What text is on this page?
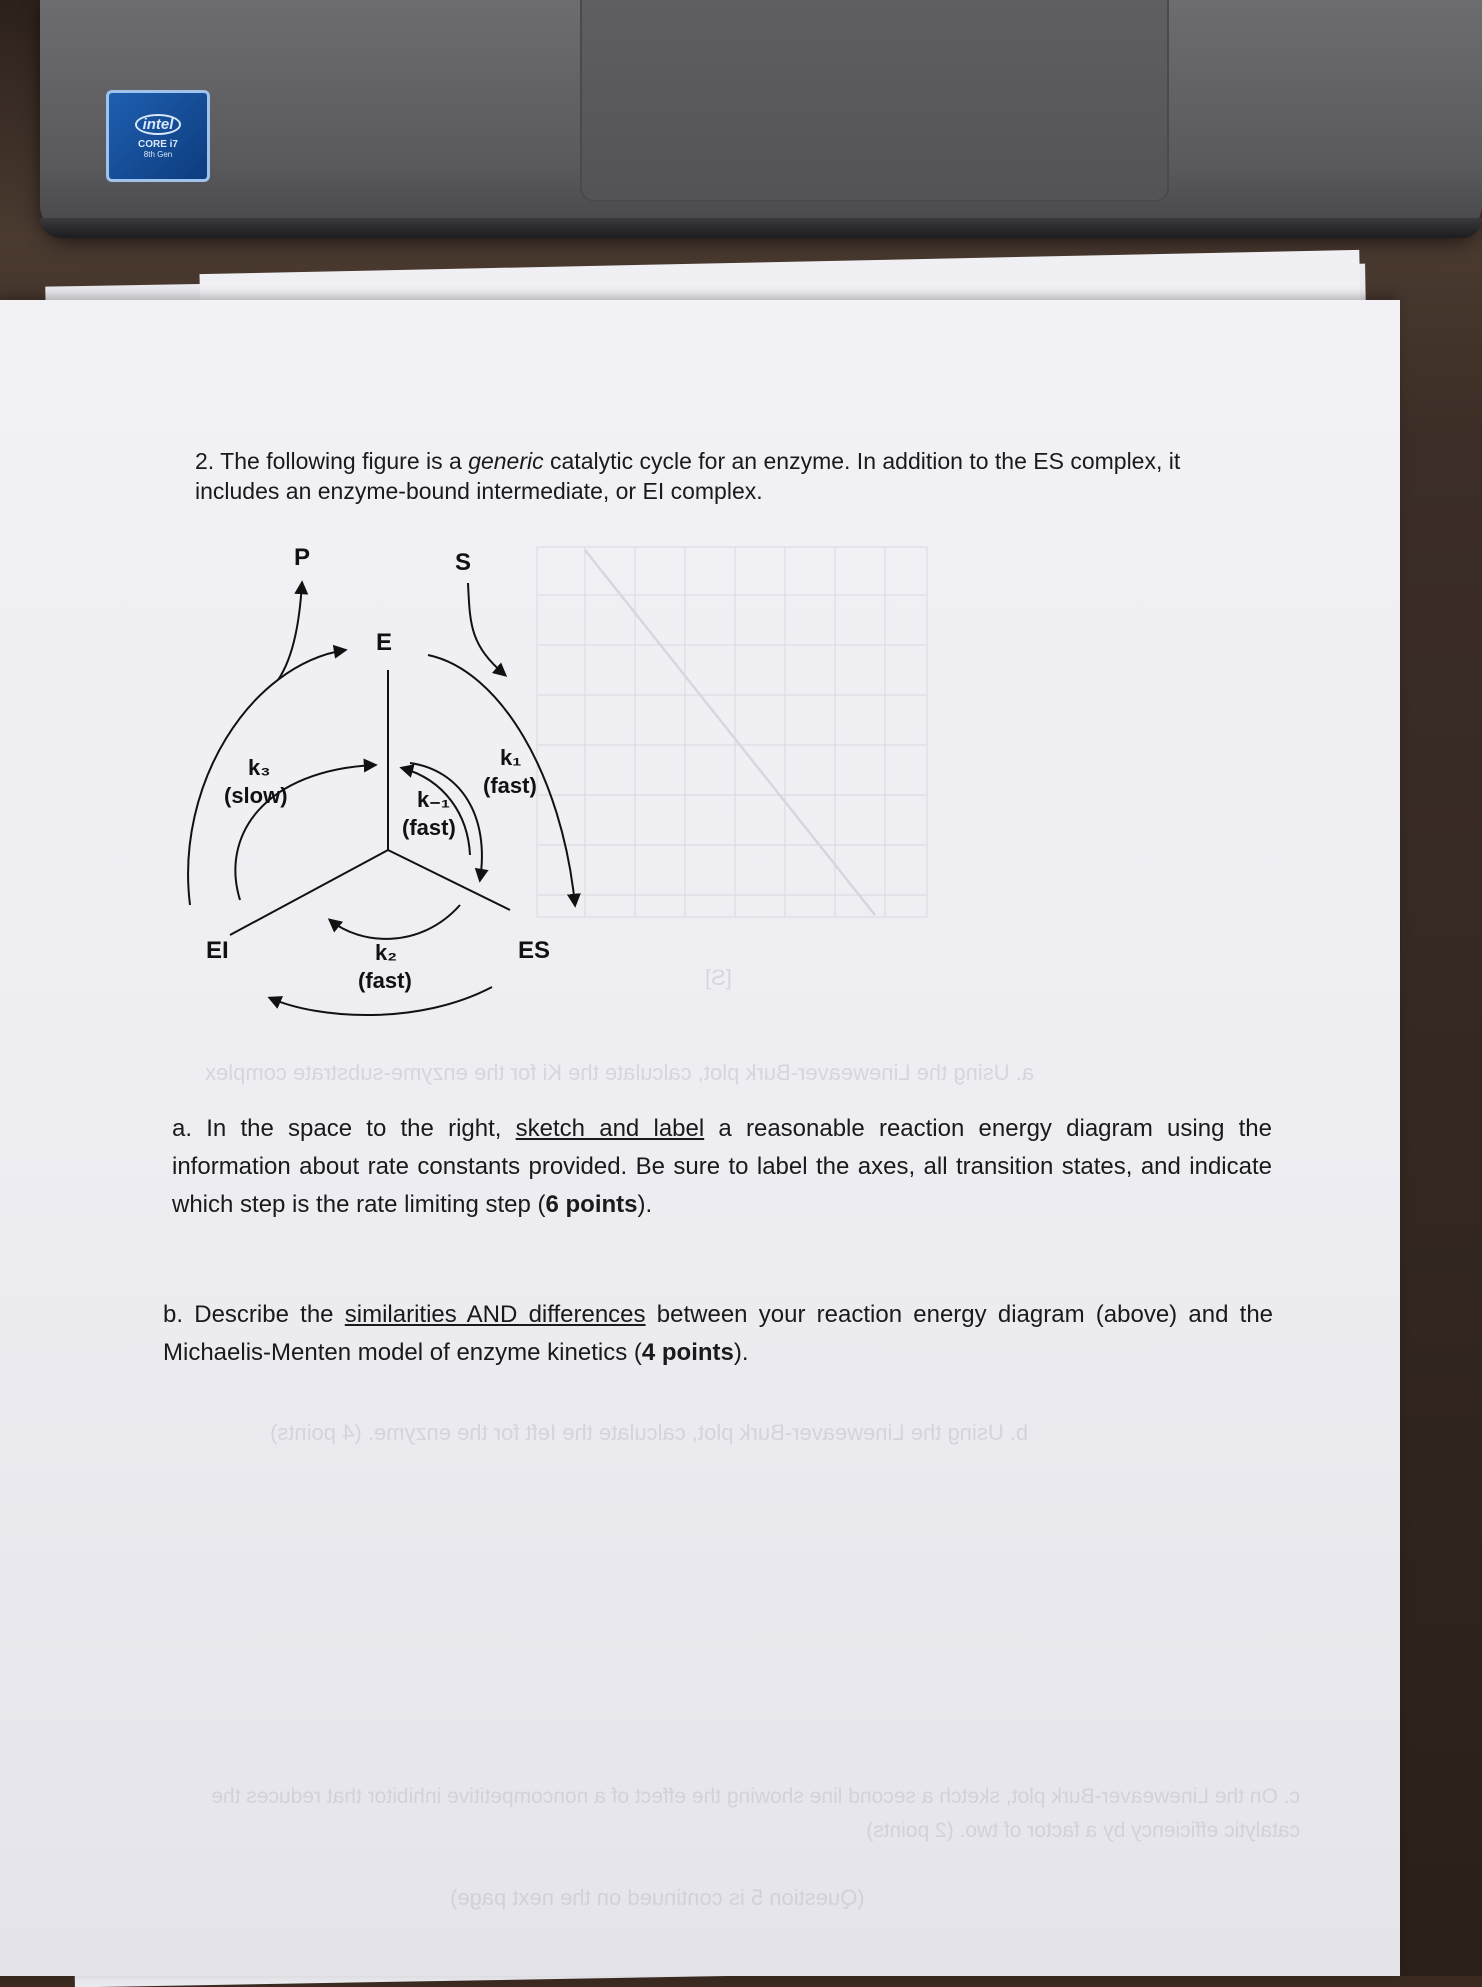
intel
CORE i7
8th Gen
a. Using the Lineweaver-Burk plot, calculate the Ki for the enzyme-substrate complex
b. Using the Lineweaver-Burk plot, calculate the Ieft for the enzyme. (4 points)
c. On the Lineweaver-Burk plot, sketch a second line showing the effect of a noncompetitive inhibitor that reduces the catalytic efficiency by a factor of two. (2 points)
(Question 5 is continued on the next page)
[S]
2. The following figure is a generic catalytic cycle for an enzyme. In addition to the ES complex, it includes an enzyme-bound intermediate, or EI complex.
P	S
E
EI	ES
k₃
(slow)
k₁
(fast)
k₋₁
(fast)
k₂
(fast)
a. In the space to the right, sketch and label a reasonable reaction energy diagram using the information about rate constants provided. Be sure to label the axes, all transition states, and indicate which step is the rate limiting step (6 points).
b. Describe the similarities AND differences between your reaction energy diagram (above) and the Michaelis-Menten model of enzyme kinetics (4 points).
